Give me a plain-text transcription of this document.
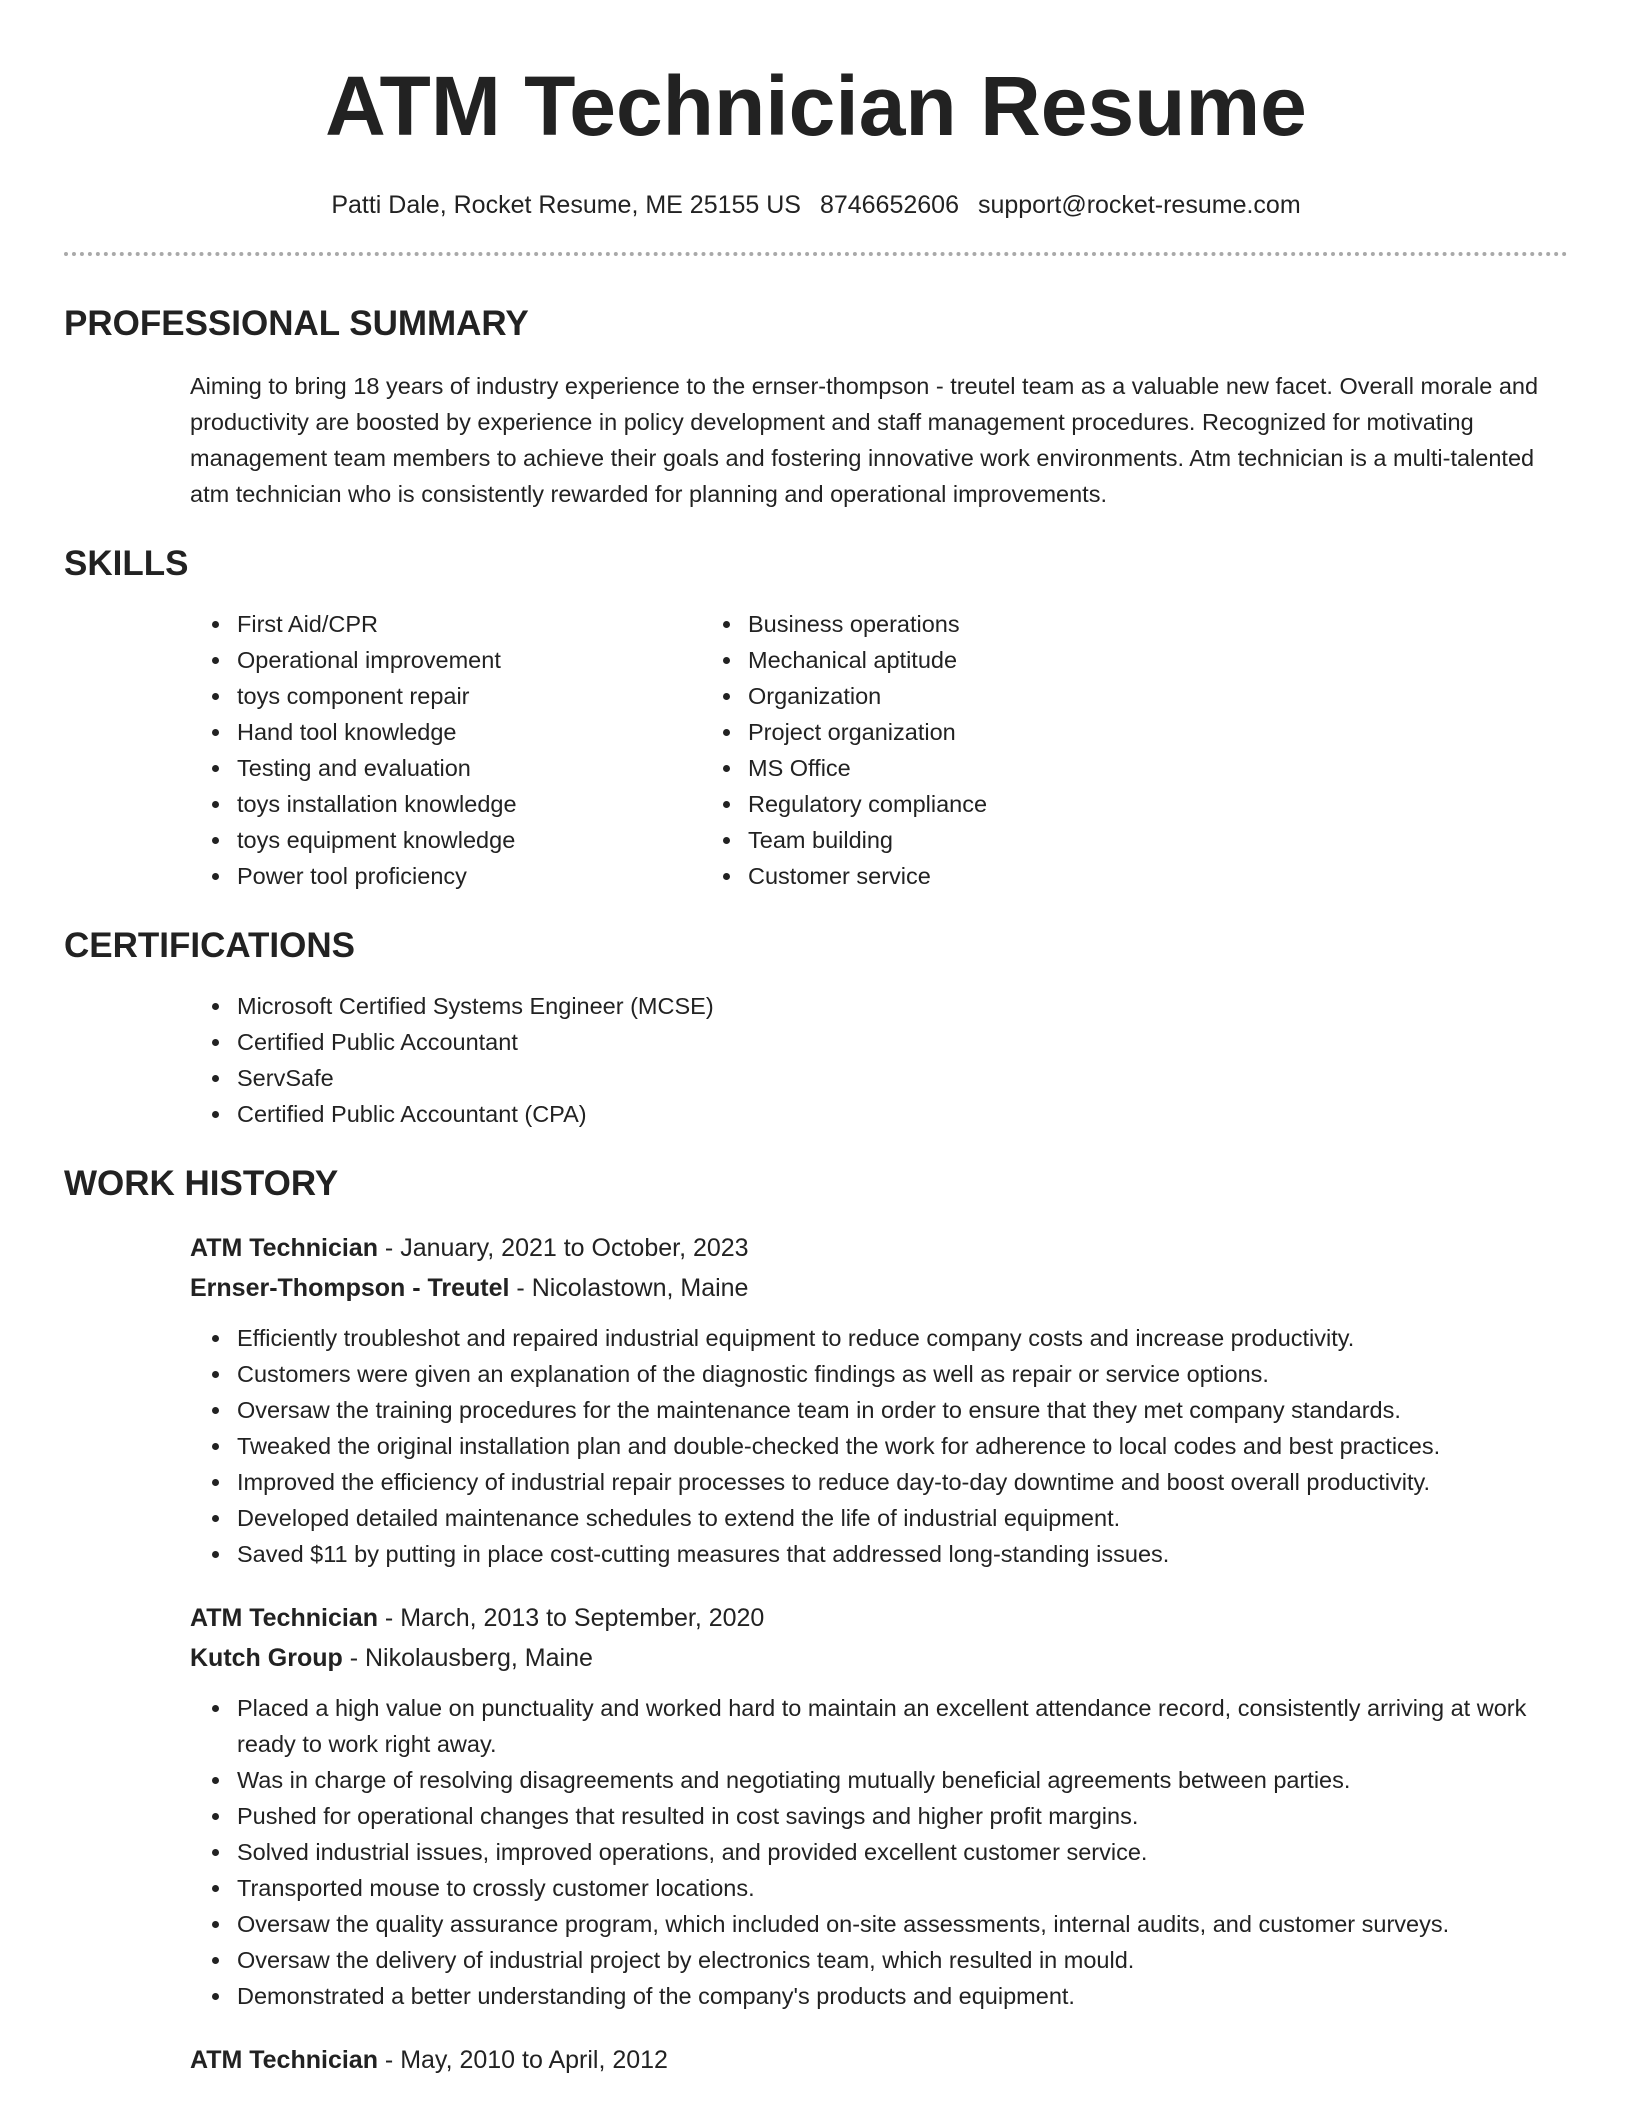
ATM Technician Resume
Patti Dale, Rocket Resume, ME 25155 US 8746652606 support@rocket-resume.com
PROFESSIONAL SUMMARY

Aiming to bring 18 years of industry experience to the ernser-thompson - treutel team as a valuable new facet. Overall morale and productivity are boosted by experience in policy development and staff management procedures. Recognized for motivating management team members to achieve their goals and fostering innovative work environments. Atm technician is a multi-talented atm technician who is consistently rewarded for planning and operational improvements.

SKILLS
• First Aid/CPR
• Operational improvement
• toys component repair
• Hand tool knowledge
• Testing and evaluation
• toys installation knowledge
• toys equipment knowledge
• Power tool proficiency
• Business operations
• Mechanical aptitude
• Organization
• Project organization
• MS Office
• Regulatory compliance
• Team building
• Customer service
CERTIFICATIONS
• Microsoft Certified Systems Engineer (MCSE)
• Certified Public Accountant
• ServSafe
• Certified Public Accountant (CPA)
WORK HISTORY
ATM Technician - January, 2021 to October, 2023
Ernser-Thompson - Treutel - Nicolastown, Maine
• Efficiently troubleshot and repaired industrial equipment to reduce company costs and increase productivity.
• Customers were given an explanation of the diagnostic findings as well as repair or service options.
• Oversaw the training procedures for the maintenance team in order to ensure that they met company standards.
• Tweaked the original installation plan and double-checked the work for adherence to local codes and best practices.
• Improved the efficiency of industrial repair processes to reduce day-to-day downtime and boost overall productivity.
• Developed detailed maintenance schedules to extend the life of industrial equipment.
• Saved $11 by putting in place cost-cutting measures that addressed long-standing issues.
ATM Technician - March, 2013 to September, 2020
Kutch Group - Nikolausberg, Maine
• Placed a high value on punctuality and worked hard to maintain an excellent attendance record, consistently arriving at work ready to work right away.
• Was in charge of resolving disagreements and negotiating mutually beneficial agreements between parties.
• Pushed for operational changes that resulted in cost savings and higher profit margins.
• Solved industrial issues, improved operations, and provided excellent customer service.
• Transported mouse to crossly customer locations.
• Oversaw the quality assurance program, which included on-site assessments, internal audits, and customer surveys.
• Oversaw the delivery of industrial project by electronics team, which resulted in mould.
• Demonstrated a better understanding of the company's products and equipment.
ATM Technician - May, 2010 to April, 2012
